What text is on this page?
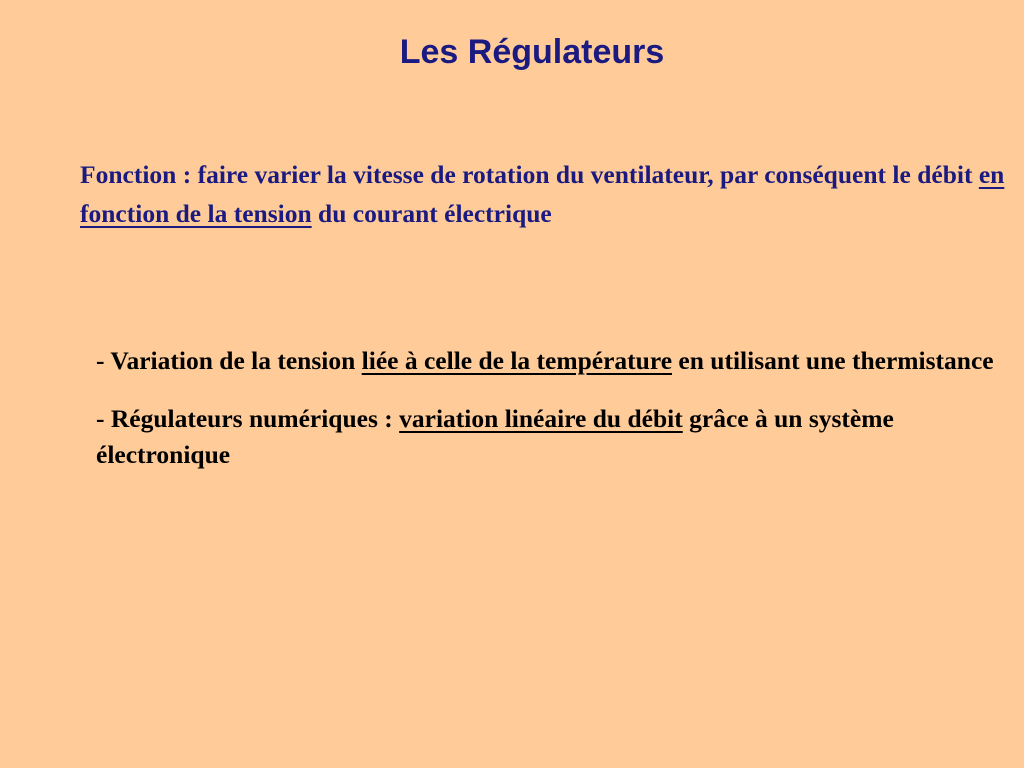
Les Régulateurs

Fonction : faire varier la vitesse de rotation du ventilateur, par conséquent le débit en fonction de la tension du courant électrique

- Variation de la tension liée à celle de la température en utilisant une thermistance
- Régulateurs numériques : variation linéaire du débit grâce à un système électronique
